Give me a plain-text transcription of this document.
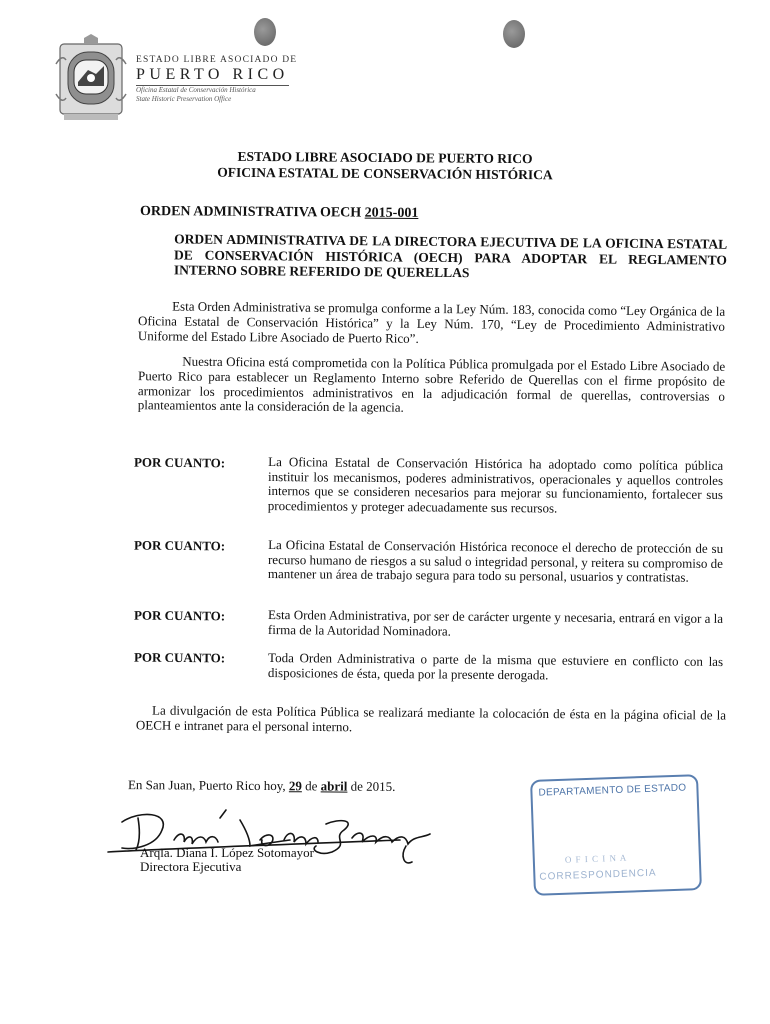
ESTADO LIBRE ASOCIADO DE
PUERTO RICO
Oficina Estatal de Conservación Histórica
State Historic Preservation Office
ESTADO LIBRE ASOCIADO DE PUERTO RICO
OFICINA ESTATAL DE CONSERVACIÓN HISTÓRICA
ORDEN ADMINISTRATIVA OECH 2015-001
ORDEN ADMINISTRATIVA DE LA DIRECTORA EJECUTIVA DE LA OFICINA ESTATAL DE CONSERVACIÓN HISTÓRICA (OECH) PARA ADOPTAR EL REGLAMENTO INTERNO SOBRE REFERIDO DE QUERELLAS
Esta Orden Administrativa se promulga conforme a la Ley Núm. 183, conocida como “Ley Orgánica de la Oficina Estatal de Conservación Histórica” y la Ley Núm. 170, “Ley de Procedimiento Administrativo Uniforme del Estado Libre Asociado de Puerto Rico”.
Nuestra Oficina está comprometida con la Política Pública promulgada por el Estado Libre Asociado de Puerto Rico para establecer un Reglamento Interno sobre Referido de Querellas con el firme propósito de armonizar los procedimientos administrativos en la adjudicación formal de querellas, controversias o planteamientos ante la consideración de la agencia.
POR CUANTO:	La Oficina Estatal de Conservación Histórica ha adoptado como política pública instituir los mecanismos, poderes administrativos, operacionales y aquellos controles internos que se consideren necesarios para mejorar su funcionamiento, fortalecer sus procedimientos y proteger adecuadamente sus recursos.
POR CUANTO:	La Oficina Estatal de Conservación Histórica reconoce el derecho de protección de su recurso humano de riesgos a su salud o integridad personal, y reitera su compromiso de mantener un área de trabajo segura para todo su personal, usuarios y contratistas.
POR CUANTO:	Esta Orden Administrativa, por ser de carácter urgente y necesaria, entrará en vigor a la firma de la Autoridad Nominadora.
POR CUANTO:	Toda Orden Administrativa o parte de la misma que estuviere en conflicto con las disposiciones de ésta, queda por la presente derogada.
La divulgación de esta Política Pública se realizará mediante la colocación de ésta en la página oficial de la OECH e intranet para el personal interno.
En San Juan, Puerto Rico hoy, 29 de abril de 2015.
Arqla. Diana I. López Sotomayor
Directora Ejecutiva
DEPARTAMENTO DE ESTADO
O F I C I N A
CORRESPONDENCIA
